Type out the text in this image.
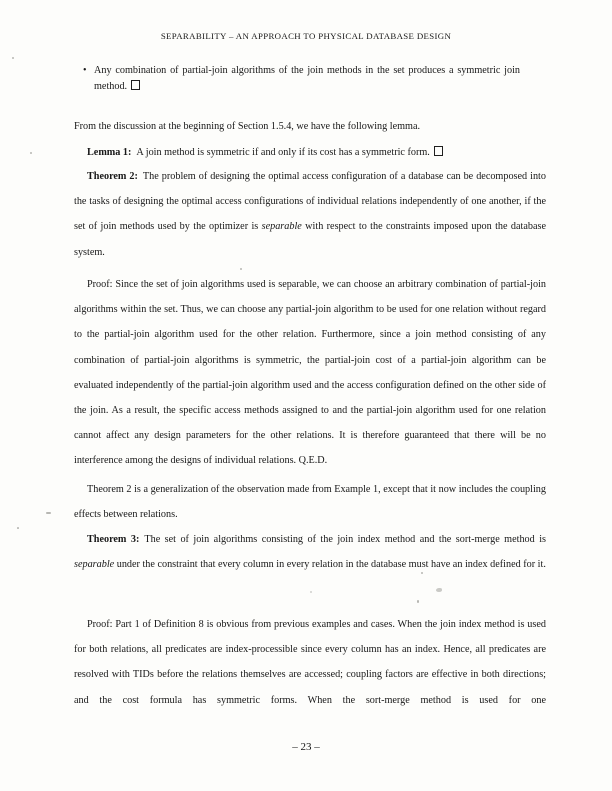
SEPARABILITY – AN APPROACH TO PHYSICAL DATABASE DESIGN
• Any combination of partial-join algorithms of the join methods in the set produces a symmetric join method.
From the discussion at the beginning of Section 1.5.4, we have the following lemma.
Lemma 1: A join method is symmetric if and only if its cost has a symmetric form.
Theorem 2: The problem of designing the optimal access configuration of a database can be decomposed into the tasks of designing the optimal access configurations of individual relations independently of one another, if the set of join methods used by the optimizer is separable with respect to the constraints imposed upon the database system.
Proof: Since the set of join algorithms used is separable, we can choose an arbitrary combination of partial-join algorithms within the set. Thus, we can choose any partial-join algorithm to be used for one relation without regard to the partial-join algorithm used for the other relation. Furthermore, since a join method consisting of any combination of partial-join algorithms is symmetric, the partial-join cost of a partial-join algorithm can be evaluated independently of the partial-join algorithm used and the access configuration defined on the other side of the join. As a result, the specific access methods assigned to and the partial-join algorithm used for one relation cannot affect any design parameters for the other relations. It is therefore guaranteed that there will be no interference among the designs of individual relations. Q.E.D.
Theorem 2 is a generalization of the observation made from Example 1, except that it now includes the coupling effects between relations.
Theorem 3: The set of join algorithms consisting of the join index method and the sort-merge method is separable under the constraint that every column in every relation in the database must have an index defined for it.
Proof: Part 1 of Definition 8 is obvious from previous examples and cases. When the join index method is used for both relations, all predicates are index-processible since every column has an index. Hence, all predicates are resolved with TIDs before the relations themselves are accessed; coupling factors are effective in both directions; and the cost formula has symmetric forms. When the sort-merge method is used for one
– 23 –
